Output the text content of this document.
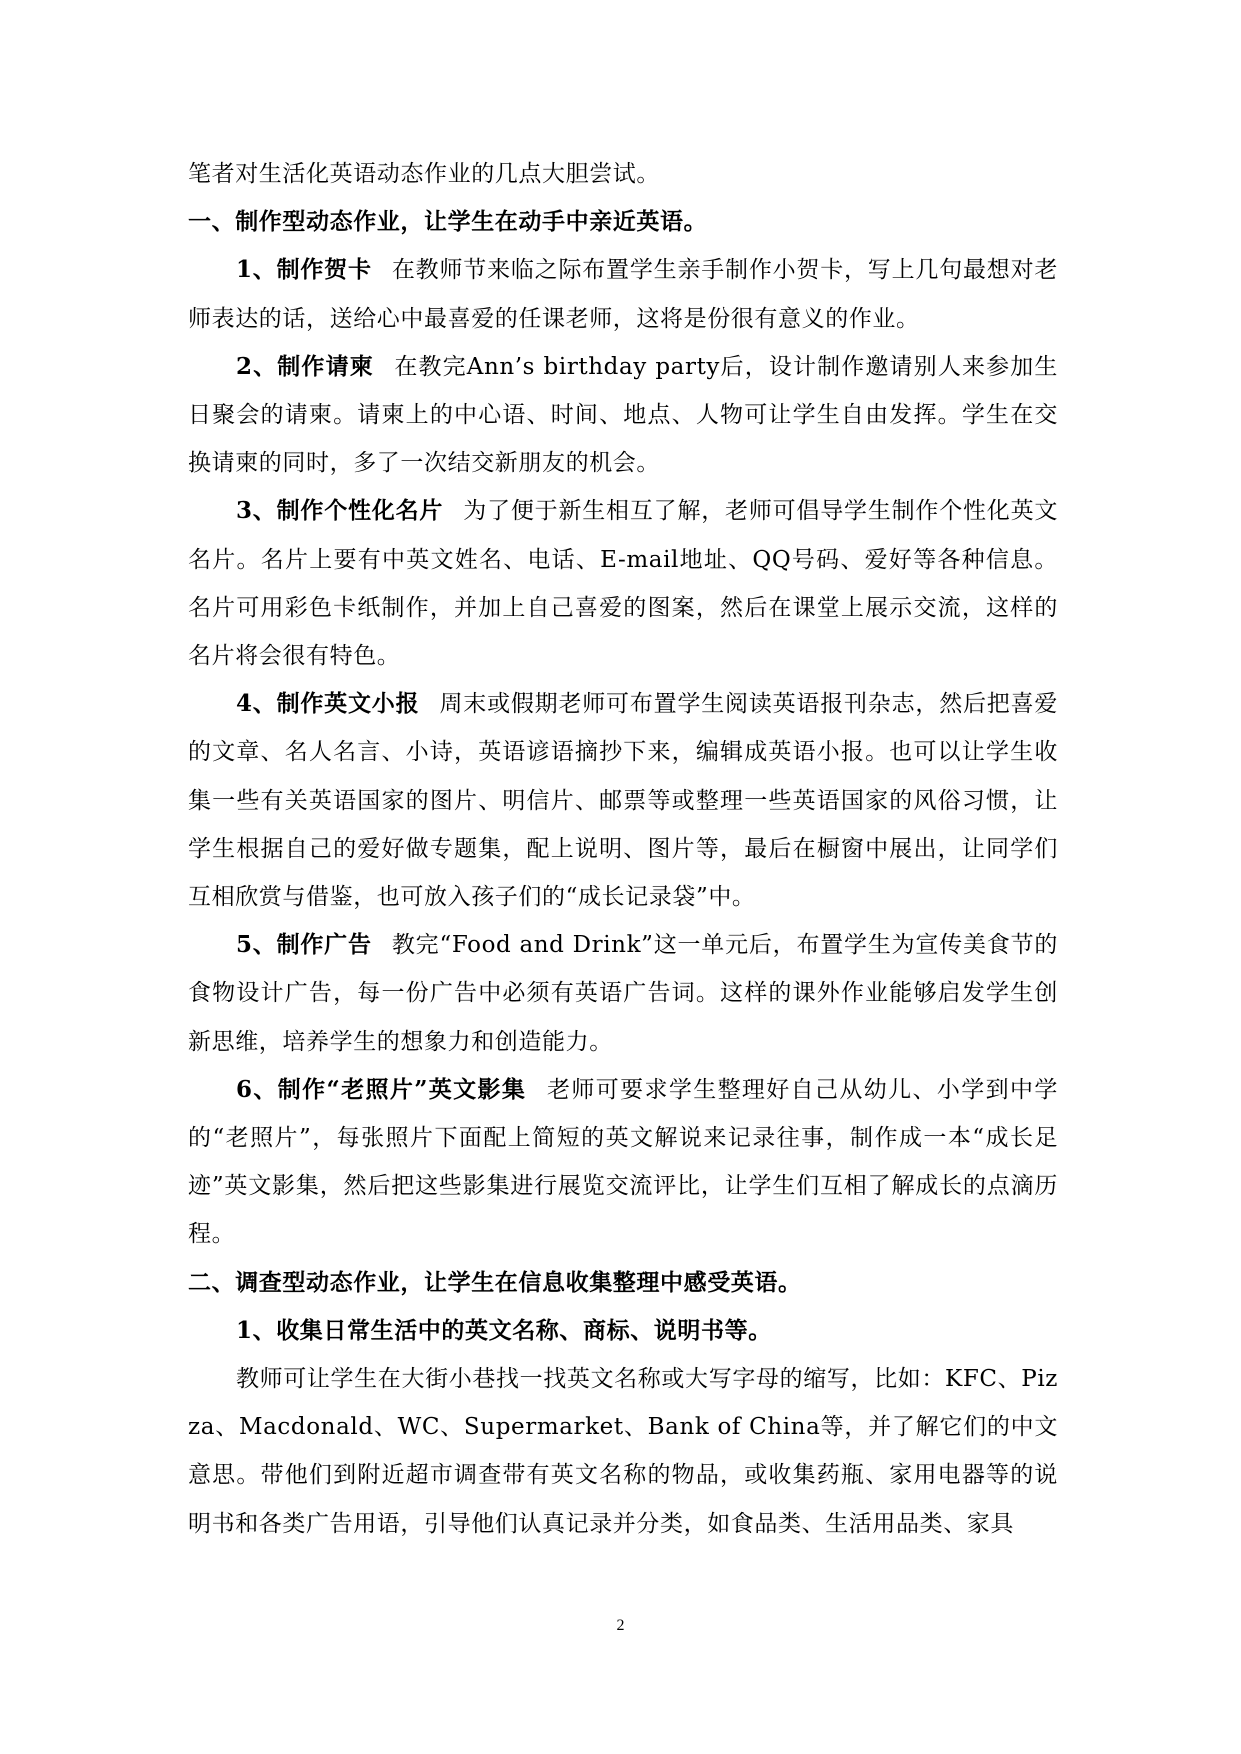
笔者对生活化英语动态作业的几点大胆尝试。

一、制作型动态作业，让学生在动手中亲近英语。

1、制作贺卡 在教师节来临之际布置学生亲手制作小贺卡，写上几句最想对老师表达的话，送给心中最喜爱的任课老师，这将是份很有意义的作业。

2、制作请柬 在教完Ann’s birthday party后，设计制作邀请别人来参加生日聚会的请柬。请柬上的中心语、时间、地点、人物可让学生自由发挥。学生在交换请柬的同时，多了一次结交新朋友的机会。

3、制作个性化名片 为了便于新生相互了解，老师可倡导学生制作个性化英文名片。名片上要有中英文姓名、电话、E-mail地址、QQ号码、爱好等各种信息。名片可用彩色卡纸制作，并加上自己喜爱的图案，然后在课堂上展示交流，这样的名片将会很有特色。

4、制作英文小报 周末或假期老师可布置学生阅读英语报刊杂志，然后把喜爱的文章、名人名言、小诗，英语谚语摘抄下来，编辑成英语小报。也可以让学生收集一些有关英语国家的图片、明信片、邮票等或整理一些英语国家的风俗习惯，让学生根据自己的爱好做专题集，配上说明、图片等，最后在橱窗中展出，让同学们互相欣赏与借鉴，也可放入孩子们的“成长记录袋”中。

5、制作广告 教完“Food and Drink”这一单元后，布置学生为宣传美食节的食物设计广告，每一份广告中必须有英语广告词。这样的课外作业能够启发学生创新思维，培养学生的想象力和创造能力。

6、制作“老照片”英文影集 老师可要求学生整理好自己从幼儿、小学到中学的“老照片”，每张照片下面配上简短的英文解说来记录往事，制作成一本“成长足迹”英文影集，然后把这些影集进行展览交流评比，让学生们互相了解成长的点滴历程。

二、调查型动态作业，让学生在信息收集整理中感受英语。

1、收集日常生活中的英文名称、商标、说明书等。

教师可让学生在大街小巷找一找英文名称或大写字母的缩写，比如：KFC、Pizza、Macdonald、WC、Supermarket、Bank of China等，并了解它们的中文意思。带他们到附近超市调查带有英文名称的物品，或收集药瓶、家用电器等的说明书和各类广告用语，引导他们认真记录并分类，如食品类、生活用品类、家具

2
